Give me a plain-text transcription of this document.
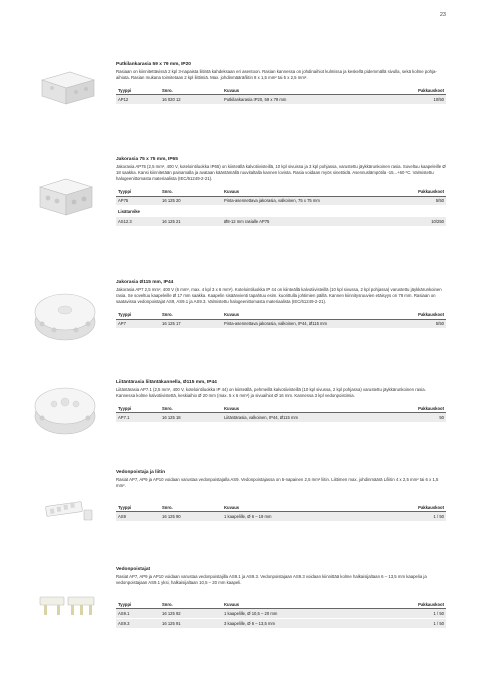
23
Putkilankarasia 59 x 79 mm, IP20
Rasiaan on kiinnitettävissä 2 kpl 3-napaista liitintä kahdeksaan eri asentoon. Rasian kannessa on johdinaihiot kulmissa ja keskellä pidemmällä sivulla, sekä kolme pohja-aihiota. Rasian mukana toimitetaan 2 kpl liittimiä. Max. johdinmäärä/liitin 8 x 1,5 mm² tai 5 x 2,5 mm².
Tyyppi	Snro.	Kuvaus	Pakkauskoot
AP12	16 020 12	Putkilankarasia IP20, 59 x 79 mm	10/50
Jakorasia 75 x 75 mm, IP65
Jakorasia AP75 (2,5 mm², 400 V, kotelointiluokka IP65) on kiinteällä kalvotiivisteillä, 10 kpl sivuissa ja 3 kpl pohjassa, varustettu jäykkärunkoinen rasia. Soveltuu kaapeleille Ø 18 saakka. Kansi kiinnitetään painamalla ja avataan kääntämällä ruuvitaltalla kannen lovista. Rasia voidaan myös sinetöidä. Asennuslämpötila -15...+60 ºC. Valmistettu halogeenittomasta materiaalista (IEC/61249-2-21).
Tyyppi	Snro.	Kuvaus	Pakkauskoot
AP75	16 125 20	Pinta-asennettava jakorasia, valkoinen, 75 x 75 mm	5/50
Lisätarvike			
AS12.3	16 125 21	Ø8-12 mm rasialle AP75	10/250
Jakorasia Ø115 mm, IP44
Jakorasia AP7 2,5 mm², 400 V (6 mm², max. 4 kpl 3 x 6 mm²). Kotelointiluokka IP 44 on kiinteällä kalvotiivisteillä (10 kpl sivussa, 2 kpl pohjassa) varustettu jäykkärunkoinen rasia. Se soveltuu kaapeleille Ø 17 mm saakka. Kaapelin sisäänvienti tapahtuu esim. kuorittulla johtimien päillä. Kannen kiinnitysruuvien etäisyys on 78 mm. Rasiaan on saatavissa vedonpoistajat AS9, AS9.1 ja AS9.3. Valmistettu halogeenittomasta materiaalista (IEC/61249-2-21).
Tyyppi	Snro.	Kuvaus	Pakkauskoot
AP7	16 125 17	Pinta-asennettava jakorasia, valkoinen, IP44, Ø115 mm	5/50
Liitäntärasia liitäntäkannella, Ø115 mm, IP44
Liitäntärasia AP7.1 (2,5 mm², 400 V, kotelointiluokka IP 44) on kiinteällä, pehmeillä kalvotiivisteillä (10 kpl sivussa, 2 kpl pohjassa) varustettu jäykkärunkoinen rasia. Kannessa kolme kalvotiivistettä, keskiaihio Ø 20 mm (max. 5 x 6 mm²) ja sivuaihiot Ø 16 mm. Kannessa 3 kpl vedonpoistimia.
Tyyppi	Snro.	Kuvaus	Pakkauskoot
AP7.1	16 125 18	Liitäntärasia, valkoinen, IP44, Ø115 mm	50
Vedonpoistaja ja liitin
Rasiat AP7, AP9 ja AP10 voidaan varustaa vedonpoistajalla AS9. Vedonpoistajassa on 5-napainen 2,5 mm² liitin. Liittimen max. johdinmäärä L/liitin 4 x 2,5 mm² tai 6 x 1,5 mm².
Tyyppi	Snro.	Kuvaus	Pakkauskoot
AS9	16 125 90	1 kaapelille, Ø 6 – 19 mm	1 / 50
Vedonpoistajat
Rasiat AP7, AP9 ja AP10 voidaan varustaa vedonpoistajilla AS9.1 ja AS9.3. Vedonpoistajaan AS9.3 voidaan kiinnittää kolme halkaisijaltaan 6 – 13,5 mm kaapelia ja vedonpoistajaan AS9.1 yksi, halkaisijaltaan 10,5 – 20 mm kaapeli.
Tyyppi	Snro.	Kuvaus	Pakkauskoot
AS9.1	16 125 92	1 kaapelille, Ø 10,5 – 20 mm	1 / 50
AS9.3	16 125 91	3 kaapelille, Ø 6 – 13,5 mm	1 / 50
